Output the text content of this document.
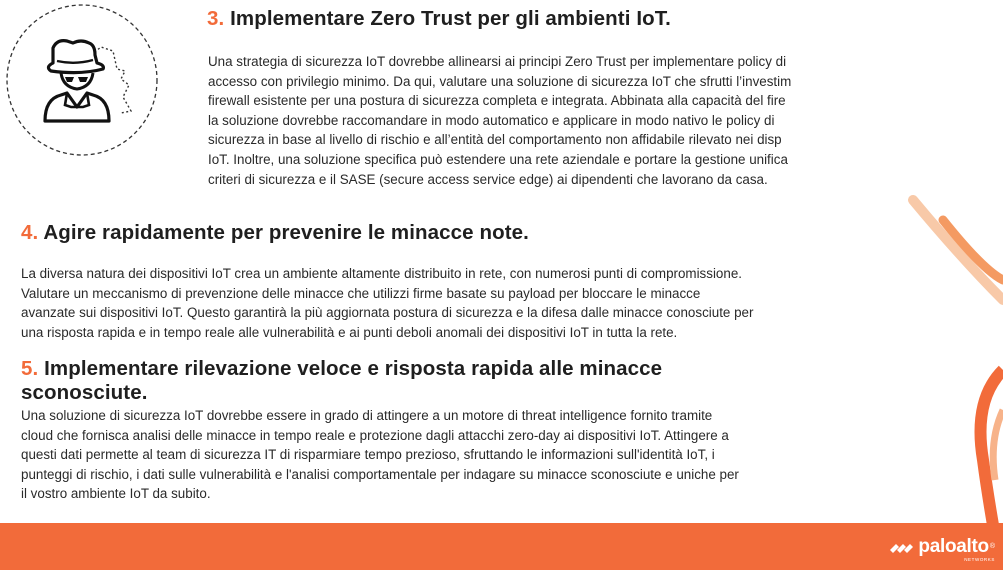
3. Implementare Zero Trust per gli ambienti IoT.
Una strategia di sicurezza IoT dovrebbe allinearsi ai principi Zero Trust per implementare policy di
accesso con privilegio minimo. Da qui, valutare una soluzione di sicurezza IoT che sfrutti l’investim
firewall esistente per una postura di sicurezza completa e integrata. Abbinata alla capacità del fire
la soluzione dovrebbe raccomandare in modo automatico e applicare in modo nativo le policy di
sicurezza in base al livello di rischio e all’entità del comportamento non affidabile rilevato nei disp
IoT. Inoltre, una soluzione specifica può estendere una rete aziendale e portare la gestione unifica
criteri di sicurezza e il SASE (secure access service edge) ai dipendenti che lavorano da casa.
4. Agire rapidamente per prevenire le minacce note.
La diversa natura dei dispositivi IoT crea un ambiente altamente distribuito in rete, con numerosi punti di compromissione.
Valutare un meccanismo di prevenzione delle minacce che utilizzi firme basate su payload per bloccare le minacce
avanzate sui dispositivi IoT. Questo garantirà la più aggiornata postura di sicurezza e la difesa dalle minacce conosciute per
una risposta rapida e in tempo reale alle vulnerabilità e ai punti deboli anomali dei dispositivi IoT in tutta la rete.
5. Implementare rilevazione veloce e risposta rapida alle minacce
sconosciute.
Una soluzione di sicurezza IoT dovrebbe essere in grado di attingere a un motore di threat intelligence fornito tramite
cloud che fornisca analisi delle minacce in tempo reale e protezione dagli attacchi zero-day ai dispositivi IoT. Attingere a
questi dati permette al team di sicurezza IT di risparmiare tempo prezioso, sfruttando le informazioni sull'identità IoT, i
punteggi di rischio, i dati sulle vulnerabilità e l'analisi comportamentale per indagare su minacce sconosciute e uniche per
il vostro ambiente IoT da subito.
paloalto ®
NETWORKS
